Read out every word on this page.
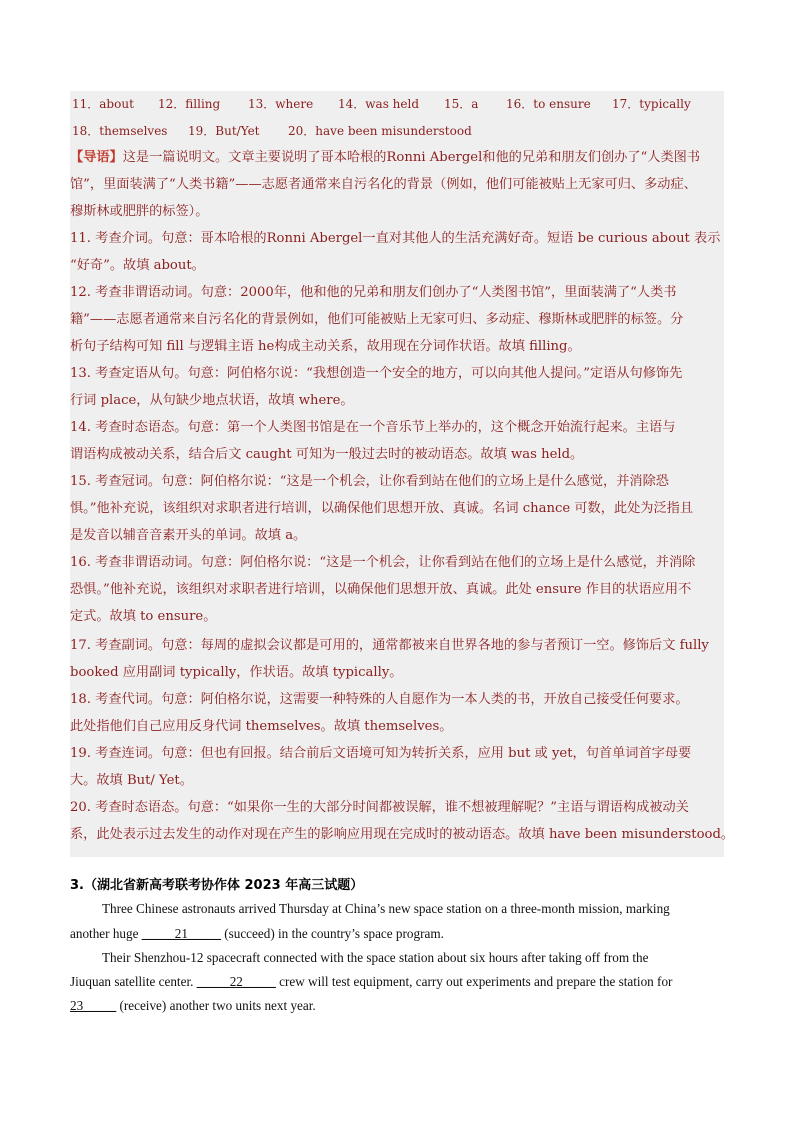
11．about 12．filling 13．where 14．was held 15．a 16．to ensure 17．typically
18．themselves 19．But/Yet 20．have been misunderstood
【导语】这是一篇说明文。文章主要说明了哥本哈根的Ronni Abergel和他的兄弟和朋友们创办了“人类图书
馆”，里面装满了“人类书籍”——志愿者通常来自污名化的背景（例如，他们可能被贴上无家可归、多动症、
穆斯林或肥胖的标签）。
11. 考查介词。句意：哥本哈根的Ronni Abergel一直对其他人的生活充满好奇。短语 be curious about 表示
“好奇”。故填 about。
12. 考查非谓语动词。句意：2000年，他和他的兄弟和朋友们创办了“人类图书馆”，里面装满了“人类书
籍”——志愿者通常来自污名化的背景例如，他们可能被贴上无家可归、多动症、穆斯林或肥胖的标签。分
析句子结构可知 fill 与逻辑主语 he构成主动关系，故用现在分词作状语。故填 filling。
13. 考查定语从句。句意：阿伯格尔说：“我想创造一个安全的地方，可以向其他人提问。”定语从句修饰先
行词 place，从句缺少地点状语，故填 where。
14. 考查时态语态。句意：第一个人类图书馆是在一个音乐节上举办的，这个概念开始流行起来。主语与
谓语构成被动关系，结合后文 caught 可知为一般过去时的被动语态。故填 was held。
15. 考查冠词。句意：阿伯格尔说：“这是一个机会，让你看到站在他们的立场上是什么感觉，并消除恐
惧。”他补充说，该组织对求职者进行培训，以确保他们思想开放、真诚。名词 chance 可数，此处为泛指且
是发音以辅音音素开头的单词。故填 a。
16. 考查非谓语动词。句意：阿伯格尔说：“这是一个机会，让你看到站在他们的立场上是什么感觉，并消除
恐惧。”他补充说，该组织对求职者进行培训，以确保他们思想开放、真诚。此处 ensure 作目的状语应用不
定式。故填 to ensure。
17. 考查副词。句意：每周的虚拟会议都是可用的，通常都被来自世界各地的参与者预订一空。修饰后文 fully
booked 应用副词 typically，作状语。故填 typically。
18. 考查代词。句意：阿伯格尔说，这需要一种特殊的人自愿作为一本人类的书，开放自己接受任何要求。
此处指他们自己应用反身代词 themselves。故填 themselves。
19. 考查连词。句意：但也有回报。结合前后文语境可知为转折关系，应用 but 或 yet，句首单词首字母要
大。故填 But/ Yet。
20. 考查时态语态。句意：“如果你一生的大部分时间都被误解，谁不想被理解呢？”主语与谓语构成被动关
系，此处表示过去发生的动作对现在产生的影响应用现在完成时的被动语态。故填 have been misunderstood。
3.（湖北省新高考联考协作体 2023 年高三试题）
Three Chinese astronauts arrived Thursday at China’s new space station on a three-month mission, marking
another huge _____21_____ (succeed) in the country’s space program.
Their Shenzhou-12 spacecraft connected with the space station about six hours after taking off from the
Jiuquan satellite center. _____22_____ crew will test equipment, carry out experiments and prepare the station for
23_____ (receive) another two units next year.
